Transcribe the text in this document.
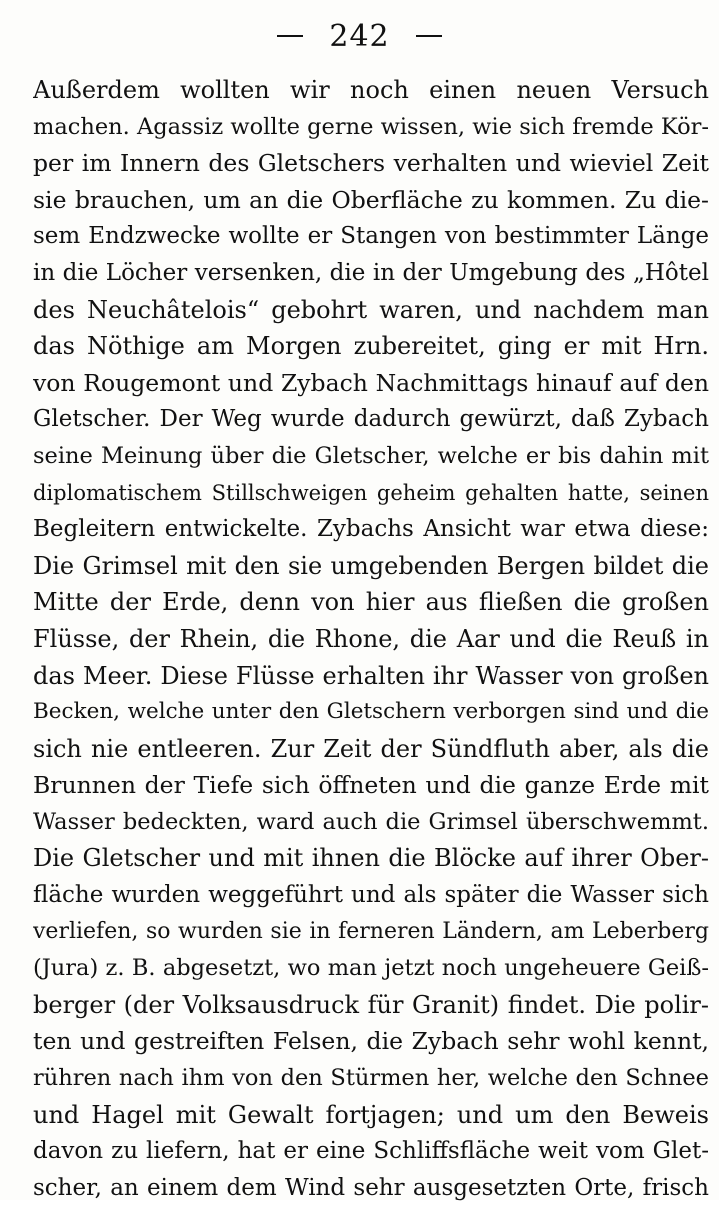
242
Außerdem wollten wir noch einen neuen Versuch
machen. Agassiz wollte gerne wissen, wie sich fremde Kör-
per im Innern des Gletschers verhalten und wieviel Zeit
sie brauchen, um an die Oberfläche zu kommen. Zu die-
sem Endzwecke wollte er Stangen von bestimmter Länge
in die Löcher versenken, die in der Umgebung des „Hôtel
des Neuchâtelois“ gebohrt waren, und nachdem man
das Nöthige am Morgen zubereitet, ging er mit Hrn.
von Rougemont und Zybach Nachmittags hinauf auf den
Gletscher. Der Weg wurde dadurch gewürzt, daß Zybach
seine Meinung über die Gletscher, welche er bis dahin mit
diplomatischem Stillschweigen geheim gehalten hatte, seinen
Begleitern entwickelte. Zybachs Ansicht war etwa diese:
Die Grimsel mit den sie umgebenden Bergen bildet die
Mitte der Erde, denn von hier aus fließen die großen
Flüsse, der Rhein, die Rhone, die Aar und die Reuß in
das Meer. Diese Flüsse erhalten ihr Wasser von großen
Becken, welche unter den Gletschern verborgen sind und die
sich nie entleeren. Zur Zeit der Sündfluth aber, als die
Brunnen der Tiefe sich öffneten und die ganze Erde mit
Wasser bedeckten, ward auch die Grimsel überschwemmt.
Die Gletscher und mit ihnen die Blöcke auf ihrer Ober-
fläche wurden weggeführt und als später die Wasser sich
verliefen, so wurden sie in ferneren Ländern, am Leberberg
(Jura) z. B. abgesetzt, wo man jetzt noch ungeheuere Geiß-
berger (der Volksausdruck für Granit) findet. Die polir-
ten und gestreiften Felsen, die Zybach sehr wohl kennt,
rühren nach ihm von den Stürmen her, welche den Schnee
und Hagel mit Gewalt fortjagen; und um den Beweis
davon zu liefern, hat er eine Schliffsfläche weit vom Glet-
scher, an einem dem Wind sehr ausgesetzten Orte, frisch
